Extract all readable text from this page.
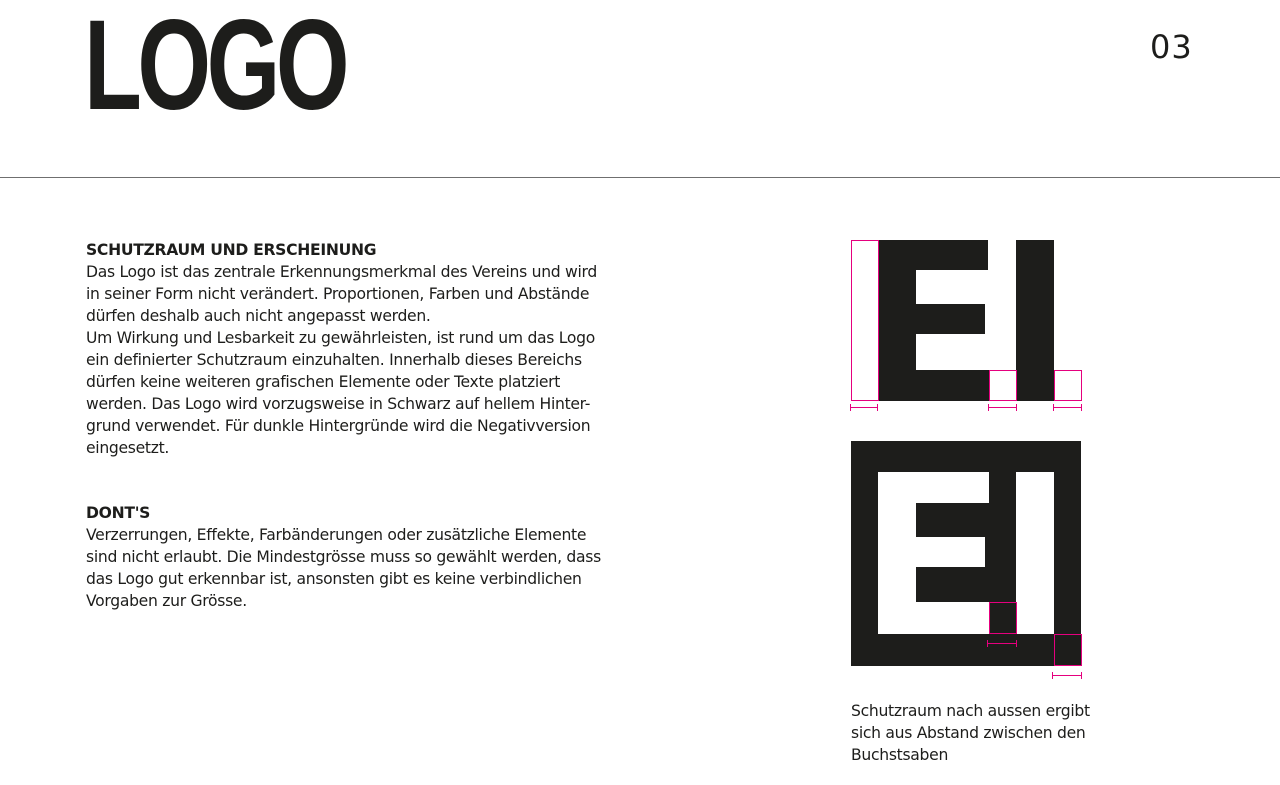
LOGO	03
SCHUTZRAUM UND ERSCHEINUNG

Das Logo ist das zentrale Erkennungsmerkmal des Vereins und wird

in seiner Form nicht verändert. Proportionen, Farben und Abstände

dürfen deshalb auch nicht angepasst werden.

Um Wirkung und Lesbarkeit zu gewährleisten, ist rund um das Logo

ein definierter Schutzraum einzuhalten. Innerhalb dieses Bereichs

dürfen keine weiteren grafischen Elemente oder Texte platziert

werden. Das Logo wird vorzugsweise in Schwarz auf hellem Hinter-

grund verwendet. Für dunkle Hintergründe wird die Negativversion

eingesetzt.

DONT'S

Verzerrungen, Effekte, Farbänderungen oder zusätzliche Elemente

sind nicht erlaubt. Die Mindestgrösse muss so gewählt werden, dass

das Logo gut erkennbar ist, ansonsten gibt es keine verbindlichen

Vorgaben zur Grösse.

Schutzraum nach aussen ergibt

sich aus Abstand zwischen den

Buchstsaben
